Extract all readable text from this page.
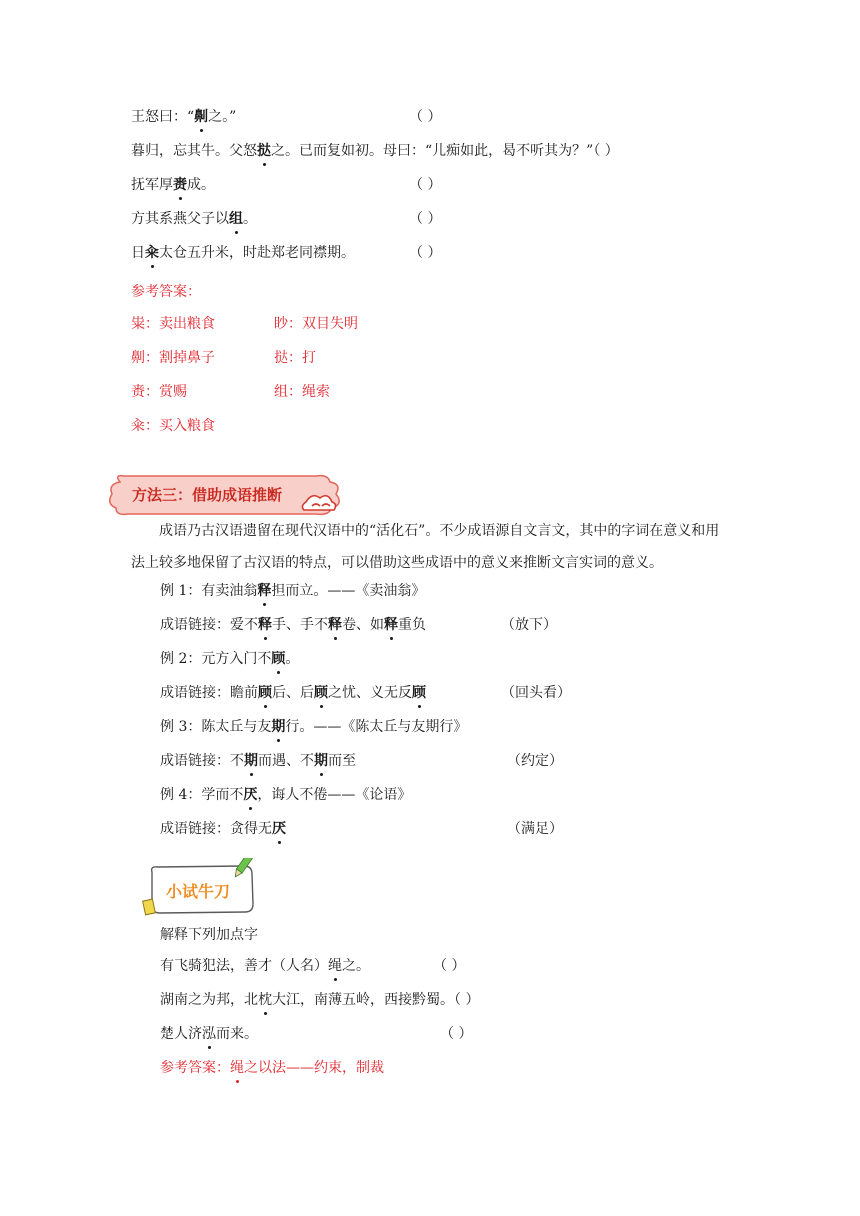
王怒曰：“劓之。”	（ ）
暮归，忘其牛。父怒挞之。已而复如初。母曰：“儿痴如此，曷不听其为？”（ ）
抚军厚赉成。	（ ）
方其系燕父子以组。	（ ）
日籴太仓五升米，时赴郑老同襟期。	（ ）
参考答案：
粜：卖出粮食	眇：双目失明
劓：割掉鼻子	挞：打
赉：赏赐	组：绳索
籴：买入粮食
方法三：借助成语推断
成语乃古汉语遗留在现代汉语中的“活化石”。不少成语源自文言文，其中的字词在意义和用法上较多地保留了古汉语的特点，可以借助这些成语中的意义来推断文言实词的意义。
例 1：有卖油翁释担而立。——《卖油翁》
成语链接：爱不释手、手不释卷、如释重负	（放下）
例 2：元方入门不顾。
成语链接：瞻前顾后、后顾之忧、义无反顾	（回头看）
例 3：陈太丘与友期行。——《陈太丘与友期行》
成语链接：不期而遇、不期而至	（约定）
例 4：学而不厌，诲人不倦——《论语》
成语链接：贪得无厌	（满足）
小试牛刀
解释下列加点字
有飞骑犯法，善才（人名）绳之。	（ ）
湖南之为邦，北枕大江，南薄五岭，西接黔蜀。（ ）
楚人济泓而来。	（ ）
参考答案：绳之以法——约束，制裁
